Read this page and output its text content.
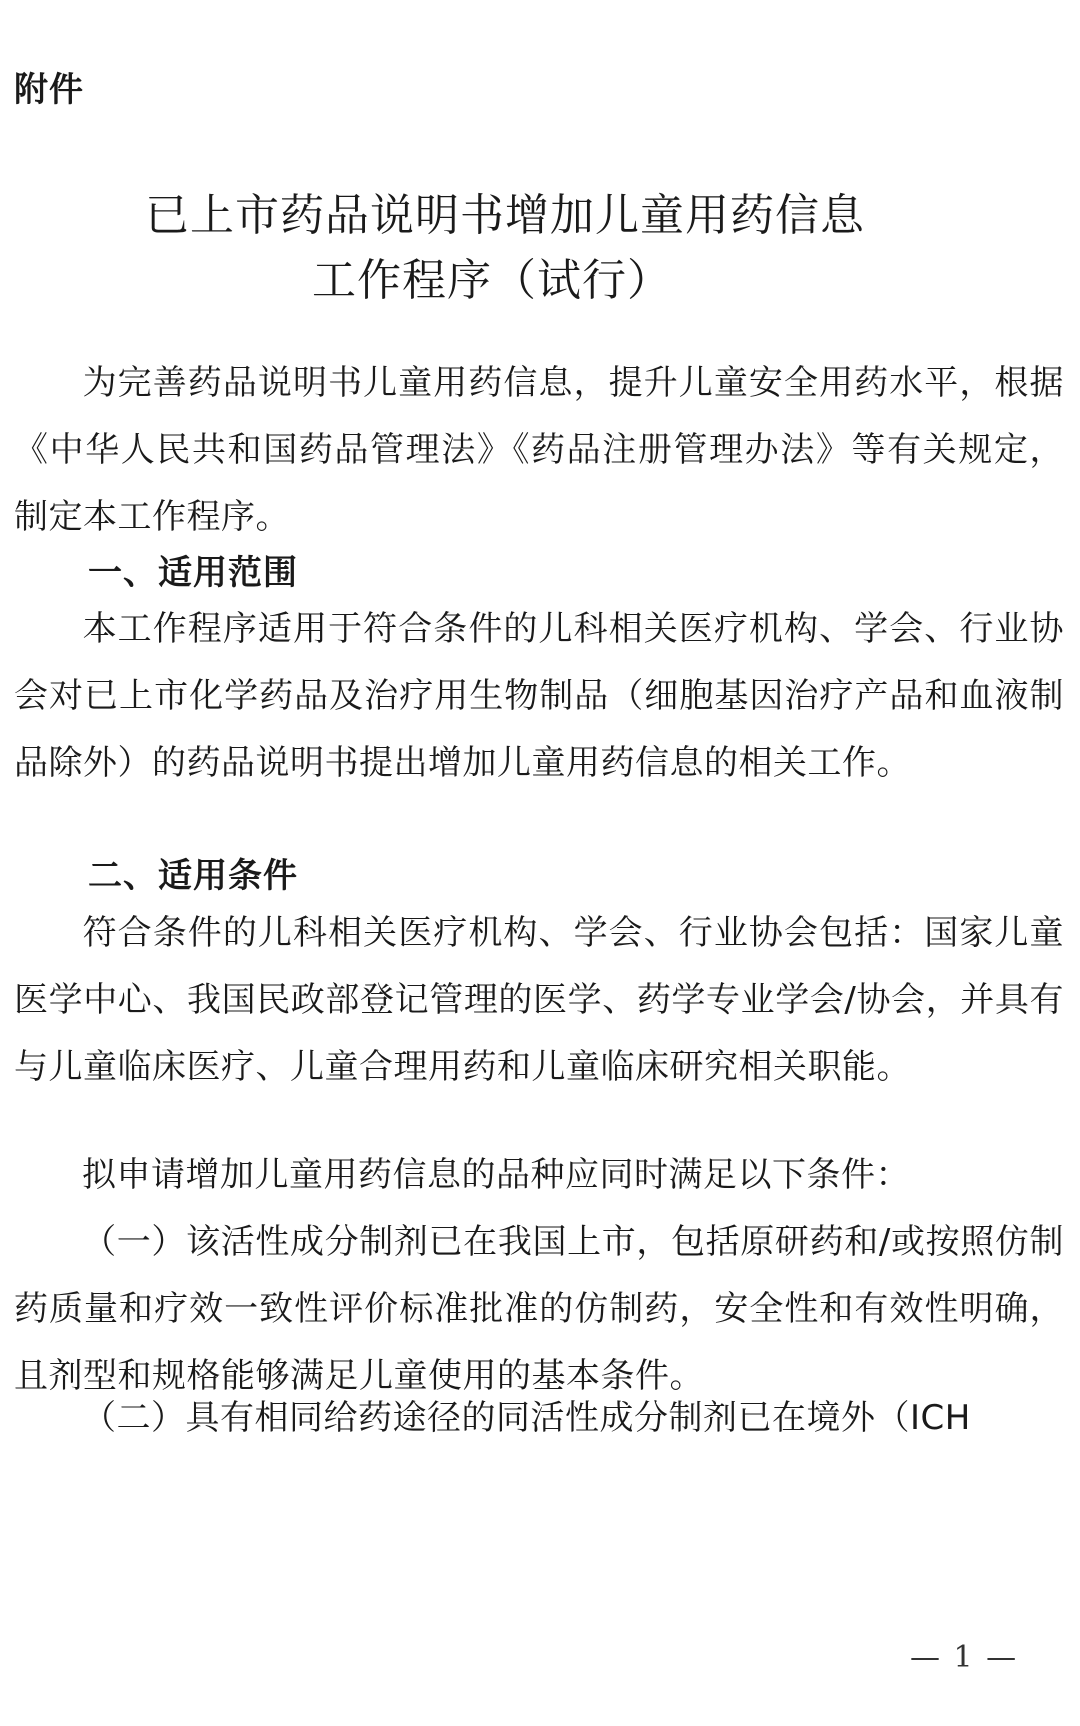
附件
已上市药品说明书增加儿童用药信息
工作程序（试行）
为完善药品说明书儿童用药信息，提升儿童安全用药水平，根据《中华人民共和国药品管理法》《药品注册管理办法》等有关规定，制定本工作程序。
一、适用范围
本工作程序适用于符合条件的儿科相关医疗机构、学会、行业协会对已上市化学药品及治疗用生物制品（细胞基因治疗产品和血液制品除外）的药品说明书提出增加儿童用药信息的相关工作。
二、适用条件
符合条件的儿科相关医疗机构、学会、行业协会包括：国家儿童医学中心、我国民政部登记管理的医学、药学专业学会/协会，并具有与儿童临床医疗、儿童合理用药和儿童临床研究相关职能。
拟申请增加儿童用药信息的品种应同时满足以下条件：
（一）该活性成分制剂已在我国上市，包括原研药和/或按照仿制药质量和疗效一致性评价标准批准的仿制药，安全性和有效性明确，且剂型和规格能够满足儿童使用的基本条件。
（二）具有相同给药途径的同活性成分制剂已在境外（ICH
— 1 —
